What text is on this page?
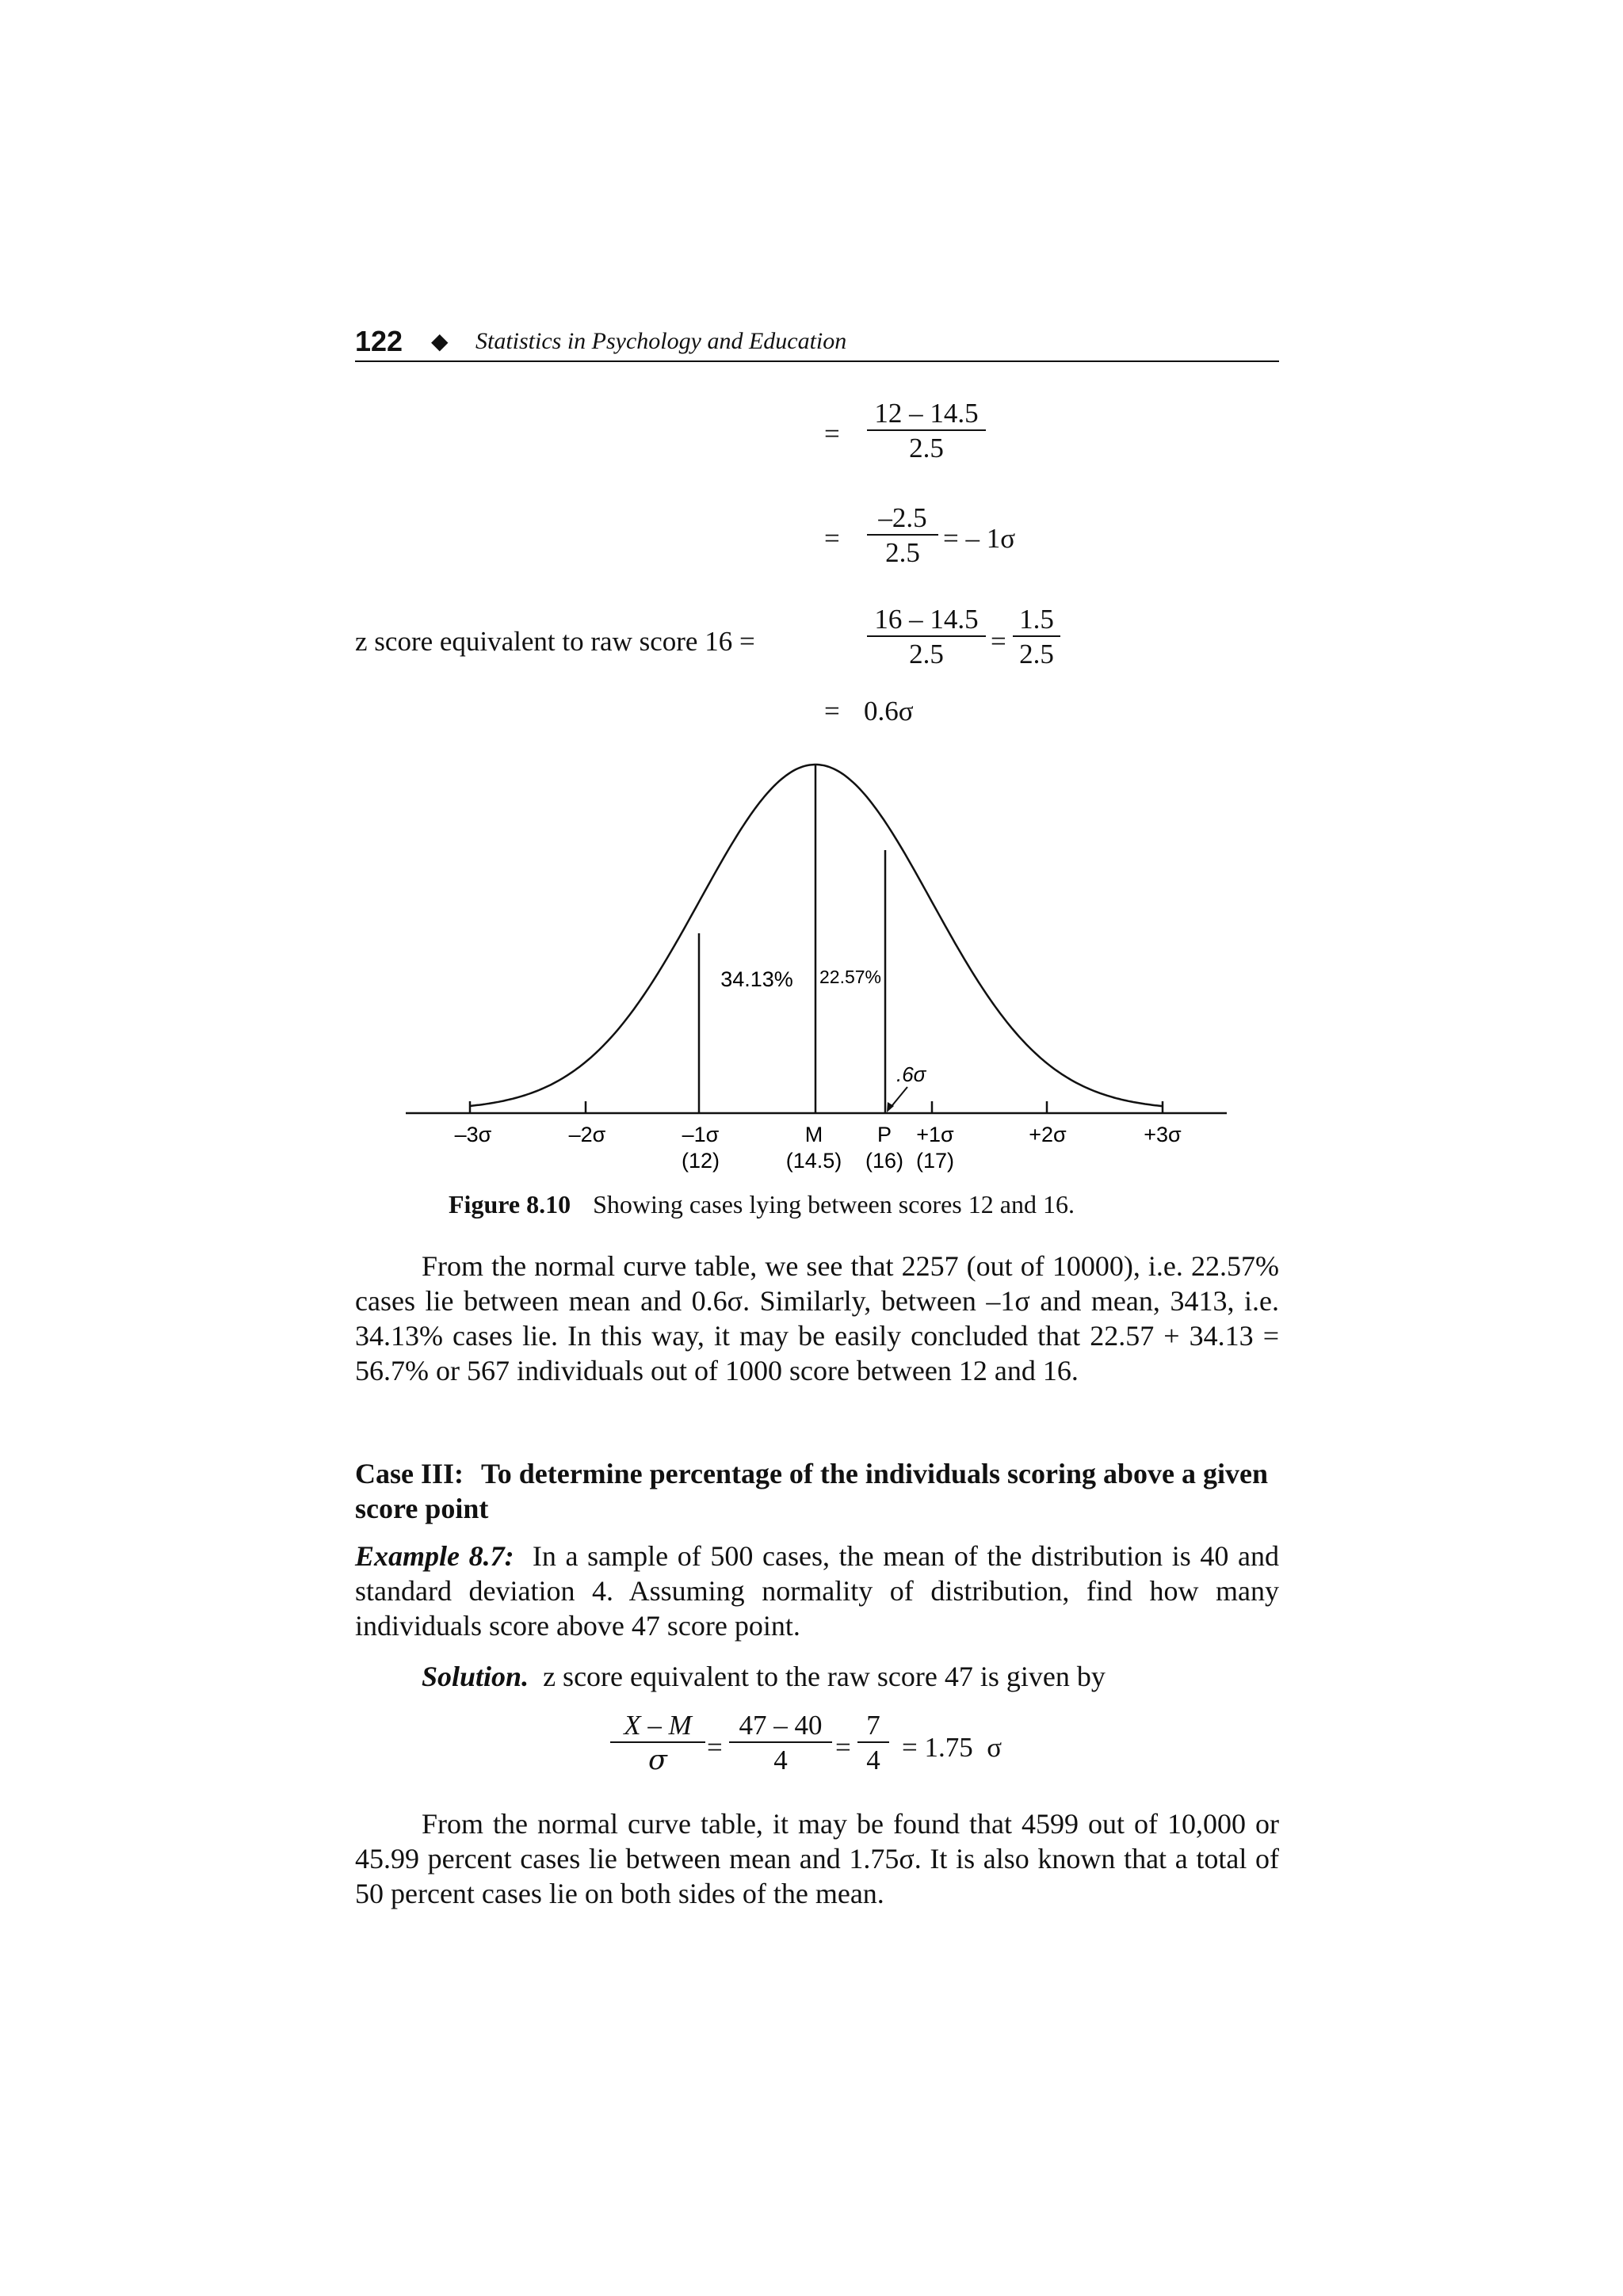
122 ◆ Statistics in Psychology and Education
= $\frac{12 - 14.5}{2.5}$
= $\frac{-2.5}{2.5}$ = – 1σ
z score equivalent to raw score 16 =	$\frac{16 - 14.5}{2.5} = \frac{1.5}{2.5}$
= 0.6σ
34.13% 22.57%
.6σ
–3σ	–2σ	–1σ	M	P +1σ	+2σ	+3σ
(12)	(14.5) (16) (17)
Figure 8.10 Showing cases lying between scores 12 and 16.
From the normal curve table, we see that 2257 (out of 10000), i.e. 22.57% cases lie between mean and 0.6σ. Similarly, between –1σ and mean, 3413, i.e. 34.13% cases lie. In this way, it may be easily concluded that 22.57 + 34.13 = 56.7% or 567 individuals out of 1000 score between 12 and 16.
Case III: To determine percentage of the individuals scoring above a given score point
Example 8.7: In a sample of 500 cases, the mean of the distribution is 40 and standard deviation 4. Assuming normality of distribution, find how many individuals score above 47 score point.
Solution. z score equivalent to the raw score 47 is given by
$\frac{X - M}{\sigma} = \frac{47 - 40}{4} = \frac{7}{4} = 1.75$  σ
From the normal curve table, it may be found that 4599 out of 10,000 or 45.99 percent cases lie between mean and 1.75σ. It is also known that a total of 50 percent cases lie on both sides of the mean.
